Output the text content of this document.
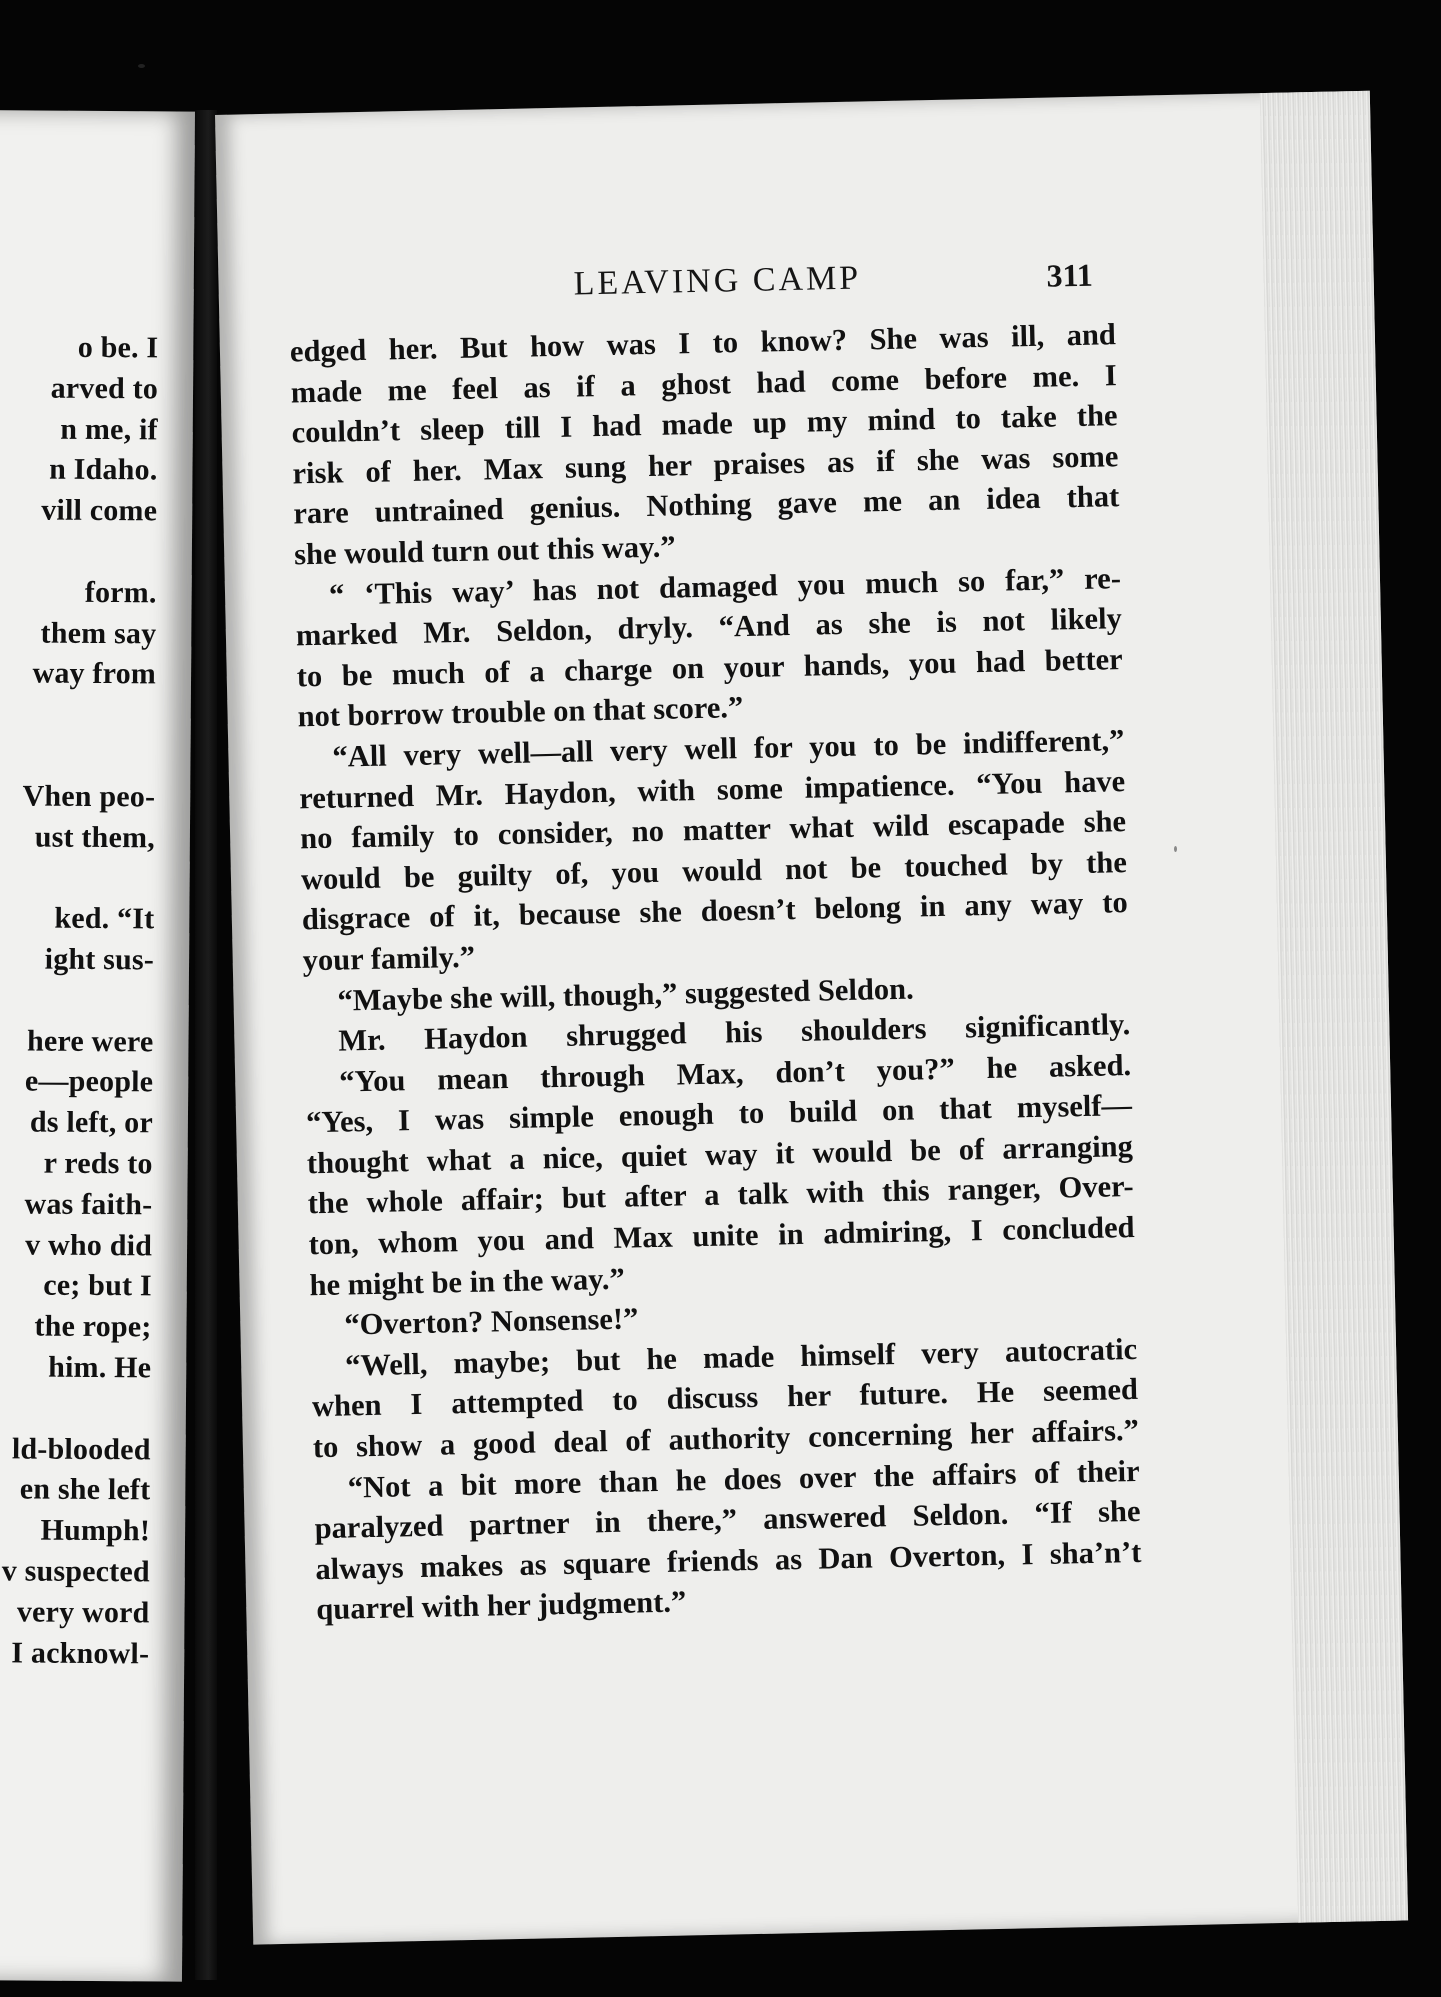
o be. I
arved to
n me, if
n Idaho.
vill come
form.
them say
way from
Vhen peo-
ust them,
ked. “It
ight sus-
here were
e—people
ds left, or
r reds to
was faith-
v who did
ce; but I
the rope;
him. He
ld-blooded
en she left
Humph!
v suspected
very word
I acknowl-
LEAVING CAMP	311
edged her. But how was I to know? She was ill, and
made me feel as if a ghost had come before me. I
couldn’t sleep till I had made up my mind to take the
risk of her. Max sung her praises as if she was some
rare untrained genius. Nothing gave me an idea that
she would turn out this way.”
“ ‘This way’ has not damaged you much so far,” re-
marked Mr. Seldon, dryly. “And as she is not likely
to be much of a charge on your hands, you had better
not borrow trouble on that score.”
“All very well—all very well for you to be indifferent,”
returned Mr. Haydon, with some impatience. “You have
no family to consider, no matter what wild escapade she
would be guilty of, you would not be touched by the
disgrace of it, because she doesn’t belong in any way to
your family.”
“Maybe she will, though,” suggested Seldon.
Mr. Haydon shrugged his shoulders significantly.
“You mean through Max, don’t you?” he asked.
“Yes, I was simple enough to build on that myself—
thought what a nice, quiet way it would be of arranging
the whole affair; but after a talk with this ranger, Over-
ton, whom you and Max unite in admiring, I concluded
he might be in the way.”
“Overton? Nonsense!”
“Well, maybe; but he made himself very autocratic
when I attempted to discuss her future. He seemed
to show a good deal of authority concerning her affairs.”
“Not a bit more than he does over the affairs of their
paralyzed partner in there,” answered Seldon. “If she
always makes as square friends as Dan Overton, I sha’n’t
quarrel with her judgment.”
